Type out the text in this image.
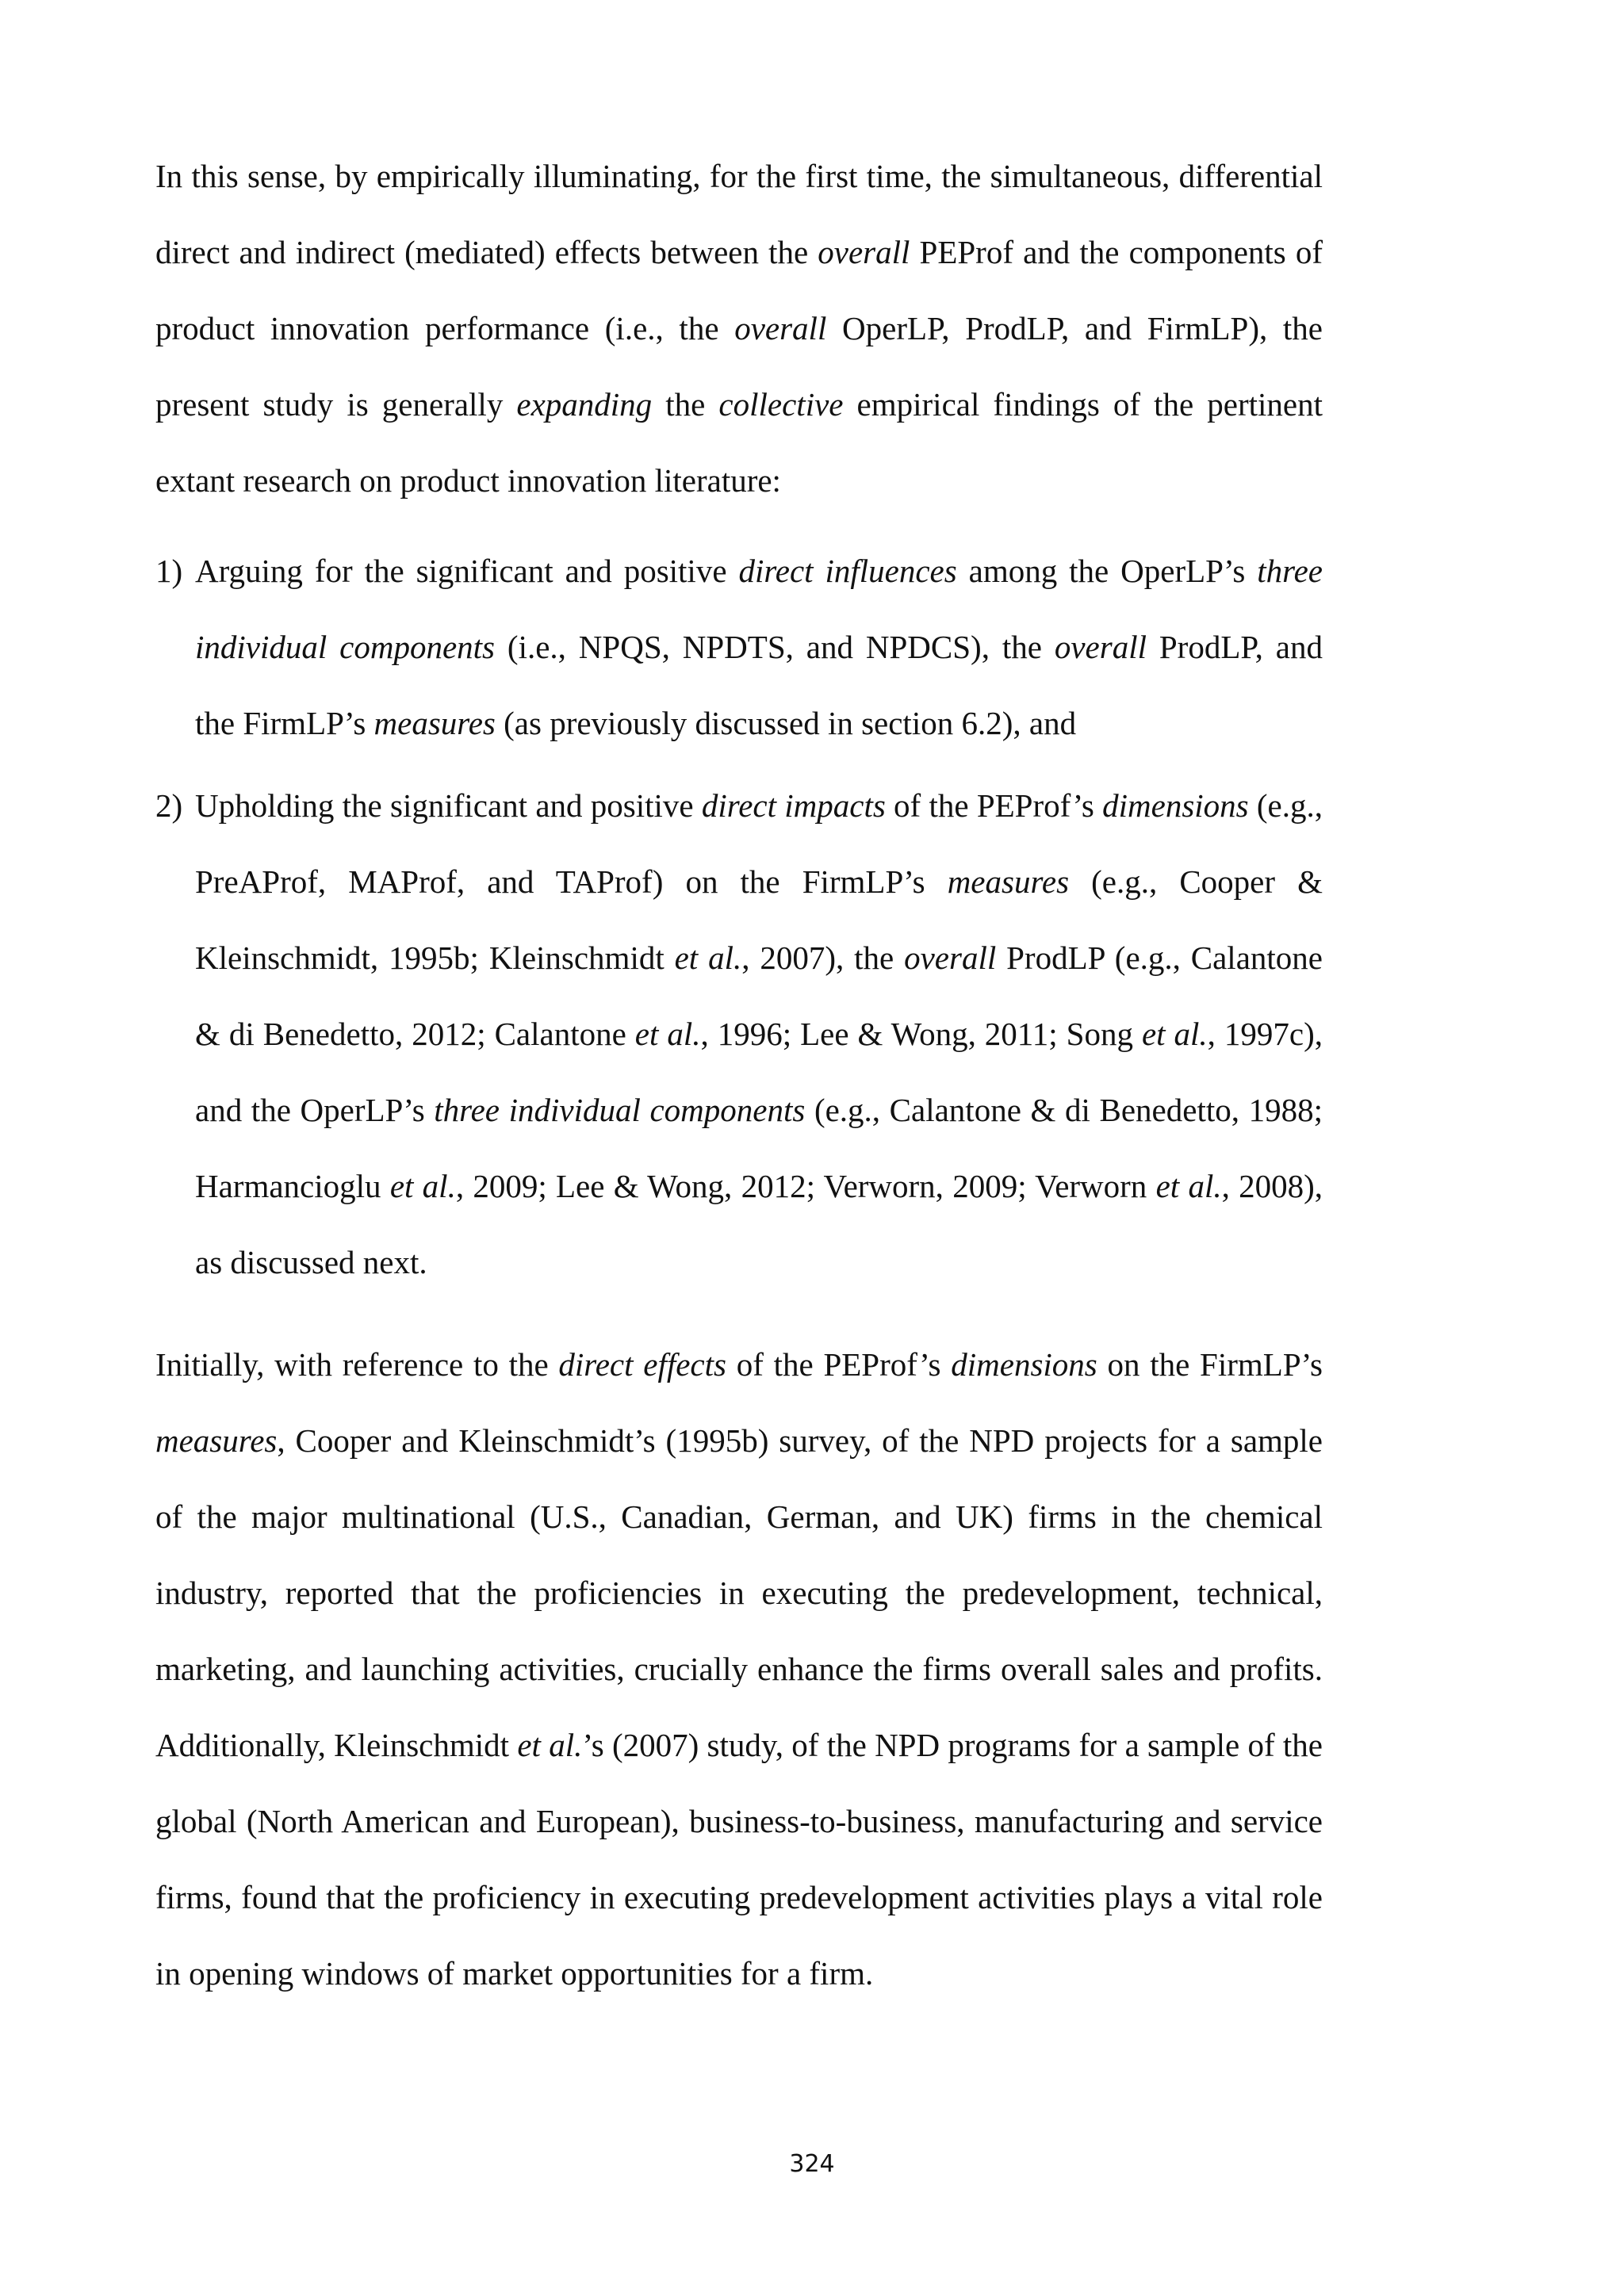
In this sense, by empirically illuminating, for the first time, the simultaneous, differential direct and indirect (mediated) effects between the overall PEProf and the components of product innovation performance (i.e., the overall OperLP, ProdLP, and FirmLP), the present study is generally expanding the collective empirical findings of the pertinent extant research on product innovation literature:

1) Arguing for the significant and positive direct influences among the OperLP’s three individual components (i.e., NPQS, NPDTS, and NPDCS), the overall ProdLP, and the FirmLP’s measures (as previously discussed in section 6.2), and
2) Upholding the significant and positive direct impacts of the PEProf’s dimensions (e.g., PreAProf, MAProf, and TAProf) on the FirmLP’s measures (e.g., Cooper & Kleinschmidt, 1995b; Kleinschmidt et al., 2007), the overall ProdLP (e.g., Calantone & di Benedetto, 2012; Calantone et al., 1996; Lee & Wong, 2011; Song et al., 1997c), and the OperLP’s three individual components (e.g., Calantone & di Benedetto, 1988; Harmancioglu et al., 2009; Lee & Wong, 2012; Verworn, 2009; Verworn et al., 2008), as discussed next.

Initially, with reference to the direct effects of the PEProf’s dimensions on the FirmLP’s measures, Cooper and Kleinschmidt’s (1995b) survey, of the NPD projects for a sample of the major multinational (U.S., Canadian, German, and UK) firms in the chemical industry, reported that the proficiencies in executing the predevelopment, technical, marketing, and launching activities, crucially enhance the firms overall sales and profits. Additionally, Kleinschmidt et al.’s (2007) study, of the NPD programs for a sample of the global (North American and European), business-to-business, manufacturing and service firms, found that the proficiency in executing predevelopment activities plays a vital role in opening windows of market opportunities for a firm.

324
